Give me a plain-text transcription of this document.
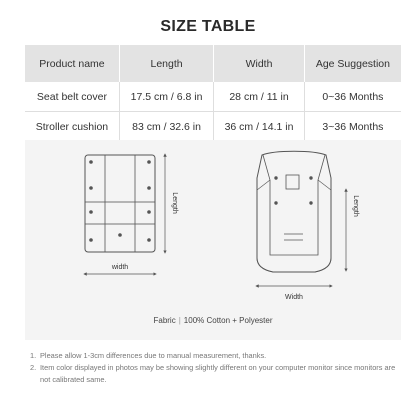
SIZE TABLE
Product name	Length	Width	Age Suggestion
Seat belt cover	17.5 cm / 6.8 in	28 cm / 11 in	0~36 Months
Stroller cushion	83 cm / 32.6 in	36 cm / 14.1 in	3~36 Months
width
Length
Width
Length
Fabric | 100% Cotton + Polyester
1. Please allow 1-3cm differences due to manual measurement, thanks.
2. Item color displayed in photos may be showing slightly different on your computer monitor since monitors are not calibrated same.
